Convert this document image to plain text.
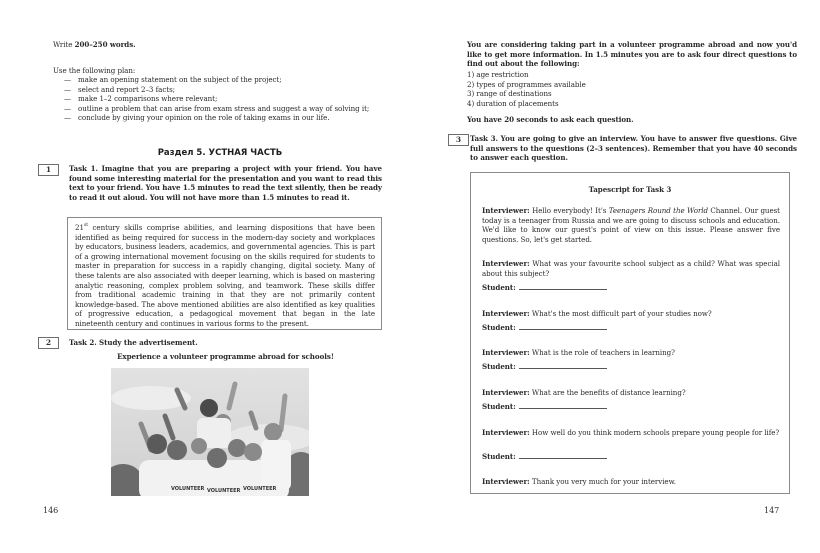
Write 200–250 words.
Use the following plan:
— make an opening statement on the subject of the project;
— select and report 2–3 facts;
— make 1–2 comparisons where relevant;
— outline a problem that can arise from exam stress and suggest a way of solving it;
— conclude by giving your opinion on the role of taking exams in our life.
Раздел 5. УСТНАЯ ЧАСТЬ
1	Task 1. Imagine that you are preparing a project with your friend. You have found some interesting material for the presentation and you want to read this text to your friend. You have 1.5 minutes to read the text silently, then be ready to read it out aloud. You will not have more than 1.5 minutes to read it.
21st century skills comprise abilities, and learning dispositions that have been identified as being required for success in the modern-day society and workplaces by educators, business leaders, academics, and governmental agencies. This is part of a growing international movement focusing on the skills required for students to master in preparation for success in a rapidly changing, digital society. Many of these talents are also associated with deeper learning, which is based on mastering analytic reasoning, complex problem solving, and teamwork. These skills differ from traditional academic training in that they are not primarily content knowledge-based. The above mentioned abilities are also identified as key qualities of progressive education, a pedagogical movement that began in the late nineteenth century and continues in various forms to the present.
2	Task 2. Study the advertisement.
Experience a volunteer programme abroad for schools!
VOLUNTEER VOLUNTEER VOLUNTEER
146
You are considering taking part in a volunteer programme abroad and now you'd like to get more information. In 1.5 minutes you are to ask four direct questions to find out about the following:
1) age restriction
2) types of programmes available
3) range of destinations
4) duration of placements
You have 20 seconds to ask each question.
3	Task 3. You are going to give an interview. You have to answer five questions. Give full answers to the questions (2–3 sentences). Remember that you have 40 seconds to answer each question.
Tapescript for Task 3
Interviewer: Hello everybody! It's Teenagers Round the World Channel. Our guest today is a teenager from Russia and we are going to discuss schools and education. We'd like to know our guest's point of view on this issue. Please answer five questions. So, let's get started.
Interviewer: What was your favourite school subject as a child? What was special about this subject?
Student:
Interviewer: What's the most difficult part of your studies now?
Student:
Interviewer: What is the role of teachers in learning?
Student:
Interviewer: What are the benefits of distance learning?
Student:
Interviewer: How well do you think modern schools prepare young people for life?
Student:
Interviewer: Thank you very much for your interview.
147
